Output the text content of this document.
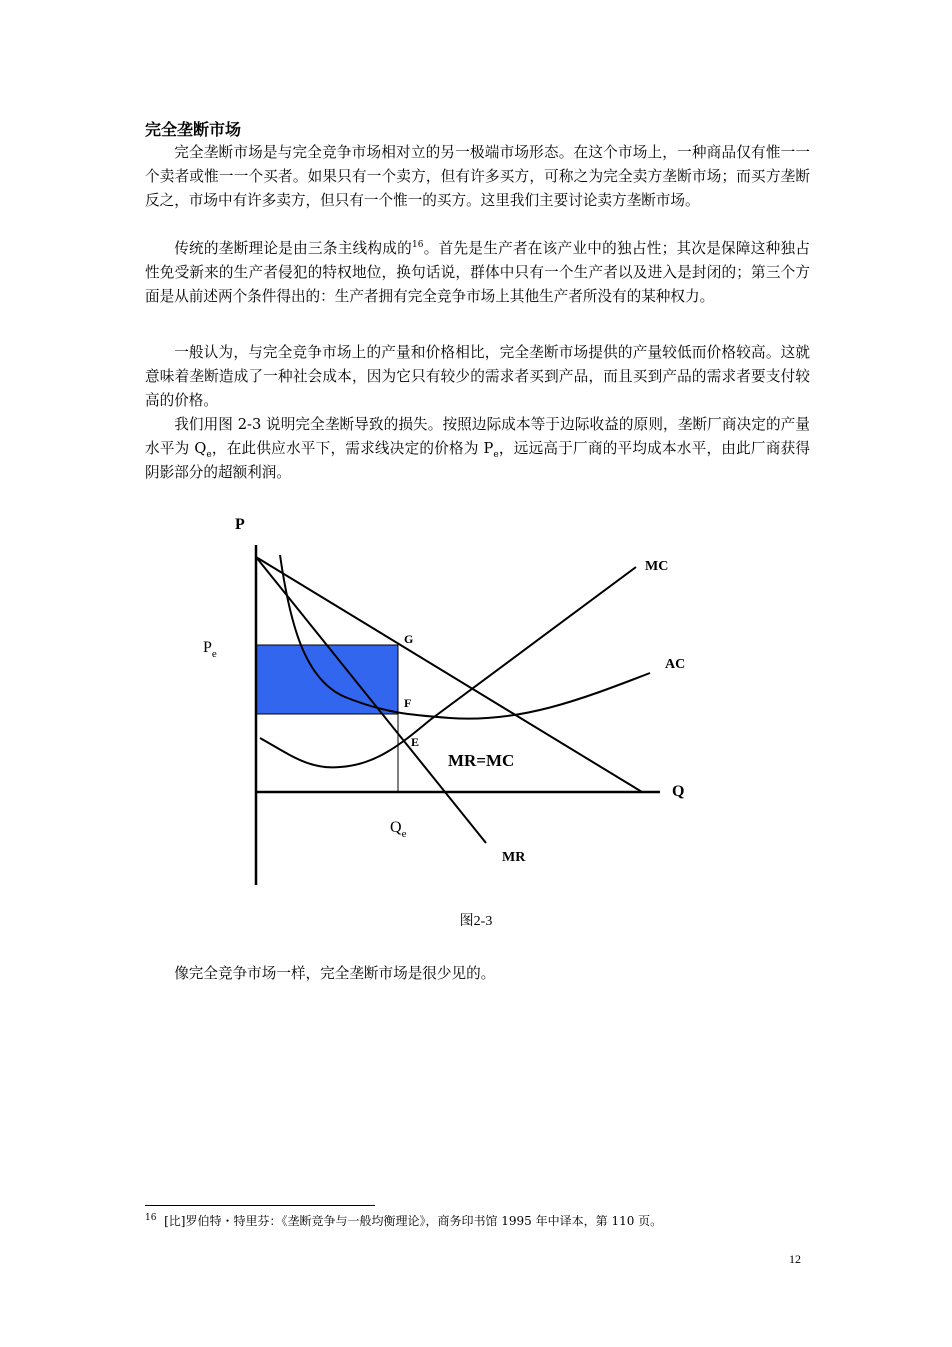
完全垄断市场

完全垄断市场是与完全竞争市场相对立的另一极端市场形态。在这个市场上，一种商品仅有惟一一个卖者或惟一一个买者。如果只有一个卖方，但有许多买方，可称之为完全卖方垄断市场；而买方垄断反之，市场中有许多卖方，但只有一个惟一的买方。这里我们主要讨论卖方垄断市场。

传统的垄断理论是由三条主线构成的$^{16}$。首先是生产者在该产业中的独占性；其次是保障这种独占性免受新来的生产者侵犯的特权地位，换句话说，群体中只有一个生产者以及进入是封闭的；第三个方面是从前述两个条件得出的：生产者拥有完全竞争市场上其他生产者所没有的某种权力。

一般认为，与完全竞争市场上的产量和价格相比，完全垄断市场提供的产量较低而价格较高。这就意味着垄断造成了一种社会成本，因为它只有较少的需求者买到产品，而且买到产品的需求者要支付较高的价格。

我们用图 2-3 说明完全垄断导致的损失。按照边际成本等于边际收益的原则，垄断厂商决定的产量水平为 $Q_e$，在此供应水平下，需求线决定的价格为 $P_e$，远远高于厂商的平均成本水平，由此厂商获得阴影部分的超额利润。

P
Q
MC
AC
MR
G
F
E
MR=MC
$P_e$
$Q_e$
图2-3

像完全竞争市场一样，完全垄断市场是很少见的。

$^{16}$ [比]罗伯特・特里芬：《垄断竞争与一般均衡理论》，商务印书馆 1995 年中译本，第 110 页。
12
